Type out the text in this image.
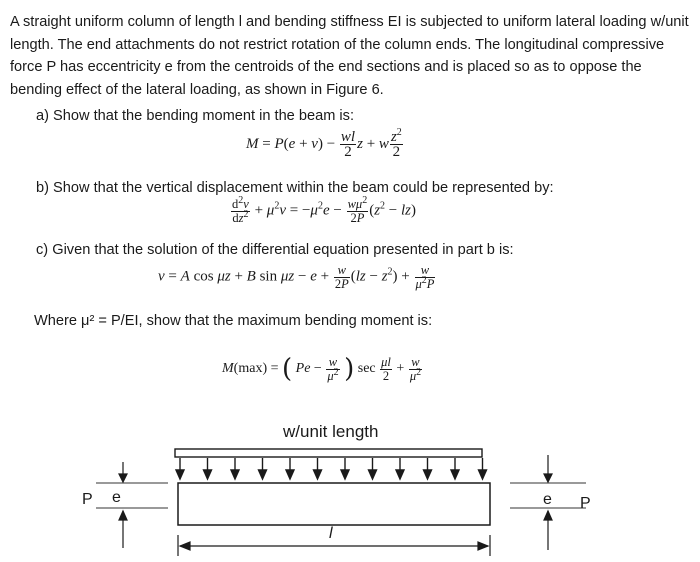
A straight uniform column of length l and bending stiffness EI is subjected to uniform lateral loading w/unit length. The end attachments do not restrict rotation of the column ends. The longitudinal compressive force P has eccentricity e from the centroids of the end sections and is placed so as to oppose the bending effect of the lateral loading, as shown in Figure 6.

a) Show that the bending moment in the beam is:
$M = P(e + v) - \frac{wl}{2}$ z + w $\frac{z^2}{2}$
b) Show that the vertical displacement within the beam could be represented by:
$\frac{d^2v}{dz^2} + \mu^2v = -\mu^2e - \frac{w\mu^2}{2P} (z^2 - lz)$
c) Given that the solution of the differential equation presented in part b is:
v = A cos μz + B $\sin \mu z - e + \frac{w}{2P} (lz - z^2) + \frac{w}{\mu^2P}$
Where μ² = P/EI, show that the maximum bending moment is:
M(max) = ( $Pe - \frac{w}{\mu^2}$ ) $\sec \frac{\mu l}{2} + \frac{w}{\mu^2}$
w/unit length
P e	e P
l
